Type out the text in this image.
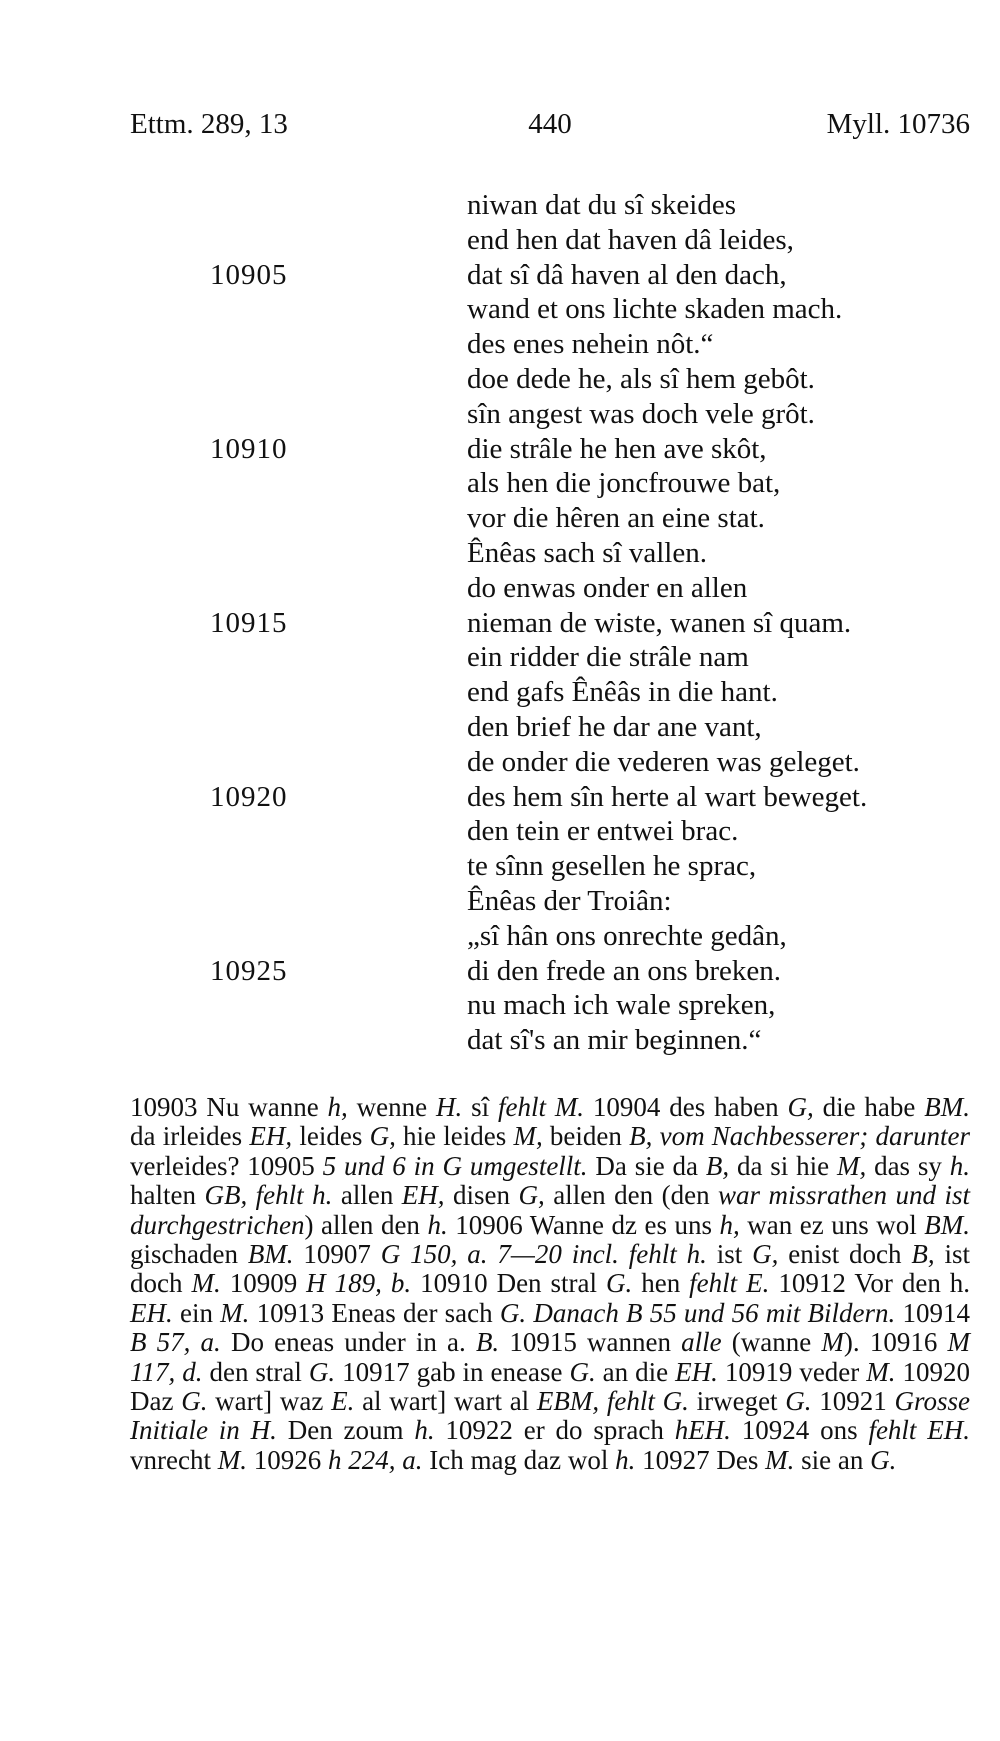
Ettm. 289, 13	440	Myll. 10736
niwan dat du sî skeides
end hen dat haven dâ leides,
10905	dat sî dâ haven al den dach,
wand et ons lichte skaden mach.
des enes nehein nôt.“
doe dede he, als sî hem gebôt.
sîn angest was doch vele grôt.
10910	die strâle he hen ave skôt,
als hen die joncfrouwe bat,
vor die hêren an eine stat.
Ênêas sach sî vallen.
do enwas onder en allen
10915	nieman de wiste, wanen sî quam.
ein ridder die strâle nam
end gafs Ênêâs in die hant.
den brief he dar ane vant,
de onder die vederen was geleget.
10920	des hem sîn herte al wart beweget.
den tein er entwei brac.
te sînn gesellen he sprac,
Ênêas der Troiân:
„sî hân ons onrechte gedân,
10925	di den frede an ons breken.
nu mach ich wale spreken,
dat sî's an mir beginnen.“
10903 Nu wanne h, wenne H. sî fehlt M. 10904 des haben G, die habe BM. da irleides EH, leides G, hie leides M, beiden B, vom Nachbesserer; darunter verleides? 10905 5 und 6 in G umgestellt. Da sie da B, da si hie M, das sy h. halten GB, fehlt h. allen EH, disen G, allen den (den war missrathen und ist durchgestrichen) allen den h. 10906 Wanne dz es uns h, wan ez uns wol BM. gischaden BM. 10907 G 150, a. 7—20 incl. fehlt h. ist G, enist doch B, ist doch M. 10909 H 189, b. 10910 Den stral G. hen fehlt E. 10912 Vor den h. EH. ein M. 10913 Eneas der sach G. Danach B 55 und 56 mit Bildern. 10914 B 57, a. Do eneas under in a. B. 10915 wannen alle (wanne M). 10916 M 117, d. den stral G. 10917 gab in enease G. an die EH. 10919 veder M. 10920 Daz G. wart] waz E. al wart] wart al EBM, fehlt G. irweget G. 10921 Grosse Initiale in H. Den zoum h. 10922 er do sprach hEH. 10924 ons fehlt EH. vnrecht M. 10926 h 224, a. Ich mag daz wol h. 10927 Des M. sie an G.
